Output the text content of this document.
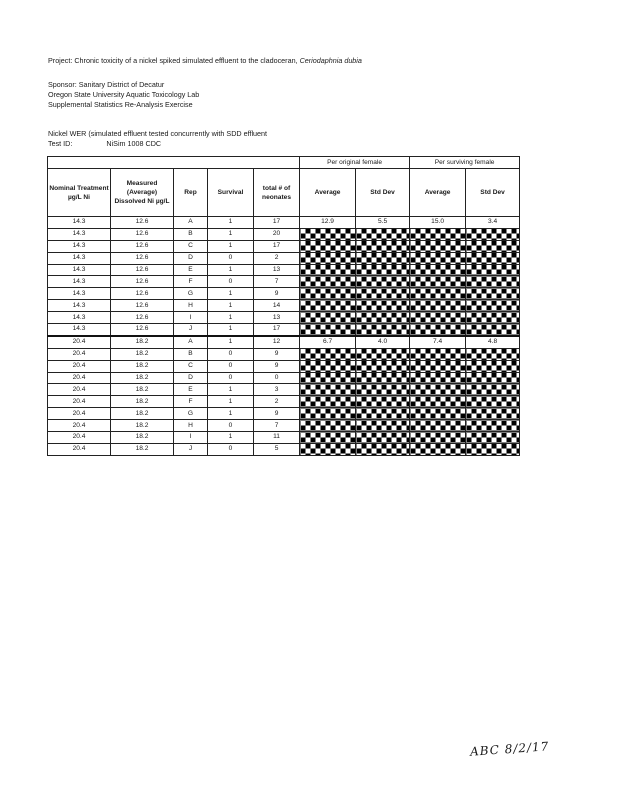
Project: Chronic toxicity of a nickel spiked simulated effluent to the cladoceran, Ceriodaphnia dubia
Sponsor: Sanitary District of Decatur
Oregon State University Aquatic Toxicology Lab
Supplemental Statistics Re-Analysis Exercise
Nickel WER (simulated effluent tested concurrently with SDD effluent
Test ID:	NiSim 1008 CDC
					Per original female		Per surviving female	
Nominal Treatment µg/L Ni	Measured (Average) Dissolved Ni µg/L	Rep	Survival	total # of neonates	Average	Std Dev	Average	Std Dev
14.3	12.6	A	1	17	12.9	5.5	15.0	3.4
14.3	12.6	B	1	20				
14.3	12.6	C	1	17				
14.3	12.6	D	0	2				
14.3	12.6	E	1	13				
14.3	12.6	F	0	7				
14.3	12.6	G	1	9				
14.3	12.6	H	1	14				
14.3	12.6	I	1	13				
14.3	12.6	J	1	17				
20.4	18.2	A	1	12	6.7	4.0	7.4	4.8
20.4	18.2	B	0	9				
20.4	18.2	C	0	9				
20.4	18.2	D	0	0				
20.4	18.2	E	1	3				
20.4	18.2	F	1	2				
20.4	18.2	G	1	9				
20.4	18.2	H	0	7				
20.4	18.2	I	1	11				
20.4	18.2	J	0	5				
ABC 8/2/17
